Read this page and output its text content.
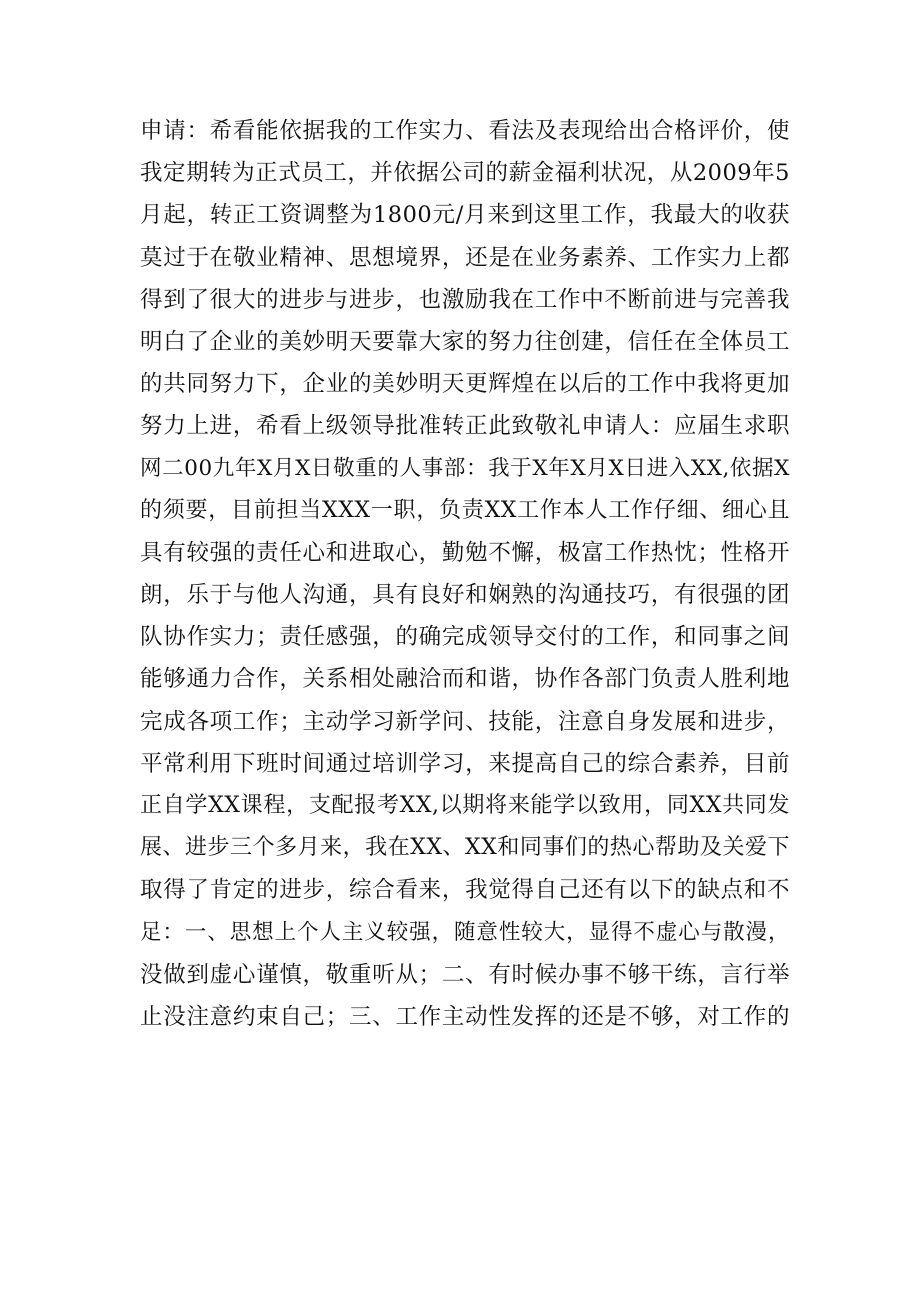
申请：希看能依据我的工作实力、看法及表现给出合格评价，使
我定期转为正式员工，并依据公司的薪金福利状况，从2009年5
月起，转正工资调整为1800元/月来到这里工作，我最大的收获
莫过于在敬业精神、思想境界，还是在业务素养、工作实力上都
得到了很大的进步与进步，也激励我在工作中不断前进与完善我
明白了企业的美妙明天要靠大家的努力往创建，信任在全体员工
的共同努力下，企业的美妙明天更辉煌在以后的工作中我将更加
努力上进，希看上级领导批准转正此致敬礼申请人：应届生求职
网二00九年X月X日敬重的人事部：我于X年X月X日进入XX,依据X
的须要，目前担当XXX一职，负责XX工作本人工作仔细、细心且
具有较强的责任心和进取心，勤勉不懈，极富工作热忱；性格开
朗，乐于与他人沟通，具有良好和娴熟的沟通技巧，有很强的团
队协作实力；责任感强，的确完成领导交付的工作，和同事之间
能够通力合作，关系相处融洽而和谐，协作各部门负责人胜利地
完成各项工作；主动学习新学问、技能，注意自身发展和进步，
平常利用下班时间通过培训学习，来提高自己的综合素养，目前
正自学XX课程，支配报考XX,以期将来能学以致用，同XX共同发
展、进步三个多月来，我在XX、XX和同事们的热心帮助及关爱下
取得了肯定的进步，综合看来，我觉得自己还有以下的缺点和不
足：一、思想上个人主义较强，随意性较大，显得不虚心与散漫，
没做到虚心谨慎，敬重听从；二、有时候办事不够干练，言行举
止没注意约束自己；三、工作主动性发挥的还是不够，对工作的
